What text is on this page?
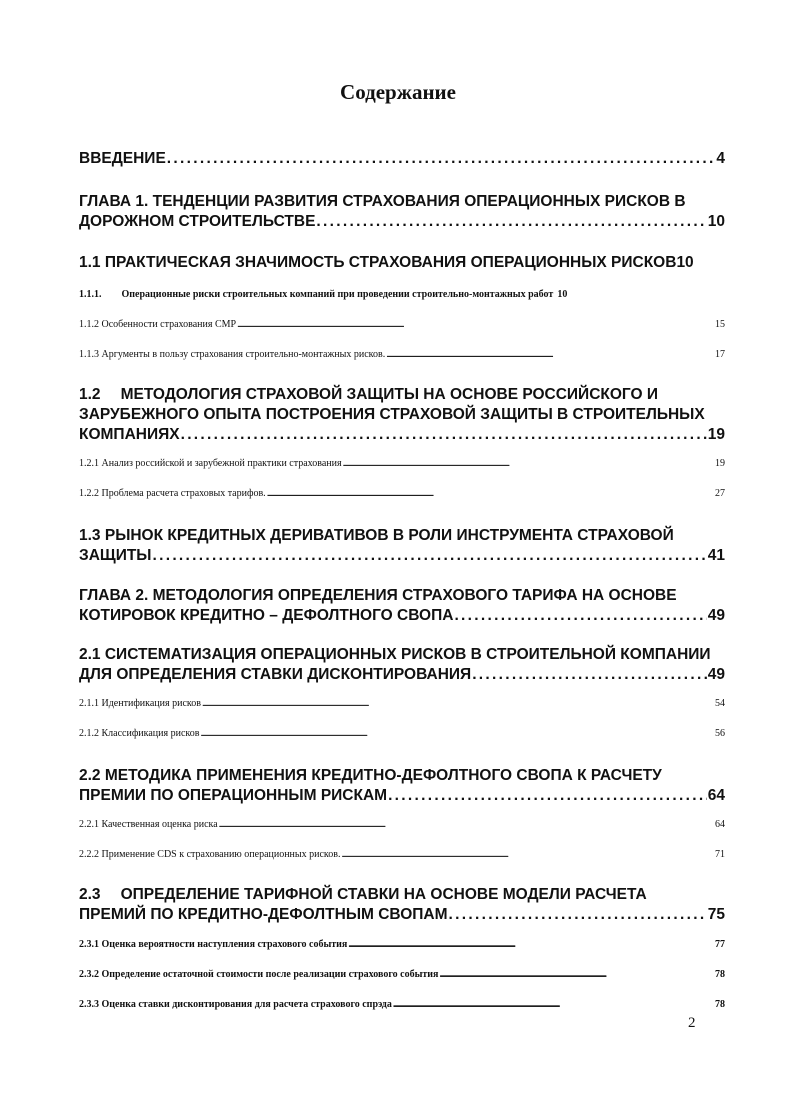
Содержание
ВВЕДЕНИЕ . . .	4
ГЛАВА 1. ТЕНДЕНЦИИ РАЗВИТИЯ СТРАХОВАНИЯ ОПЕРАЦИОННЫХ РИСКОВ В
ДОРОЖНОМ СТРОИТЕЛЬСТВЕ . . .	10
1.1 ПРАКТИЧЕСКАЯ ЗНАЧИМОСТЬ СТРАХОВАНИЯ ОПЕРАЦИОННЫХ РИСКОВ 10
1.1.1. Операционные риски строительных компаний при проведении строительно-монтажных работ 10
1.1.2 Особенности страхования СМР . . .	15
1.1.3 Аргументы в пользу страхования строительно-монтажных рисков. . . .	17
1.2 МЕТОДОЛОГИЯ СТРАХОВОЙ ЗАЩИТЫ НА ОСНОВЕ РОССИЙСКОГО И
ЗАРУБЕЖНОГО ОПЫТА ПОСТРОЕНИЯ СТРАХОВОЙ ЗАЩИТЫ В СТРОИТЕЛЬНЫХ
КОМПАНИЯХ . . .	19
1.2.1 Анализ российской и зарубежной практики страхования . . .	19
1.2.2 Проблема расчета страховых тарифов. . . .	27
1.3 РЫНОК КРЕДИТНЫХ ДЕРИВАТИВОВ В РОЛИ ИНСТРУМЕНТА СТРАХОВОЙ
ЗАЩИТЫ . . .	41
ГЛАВА 2. МЕТОДОЛОГИЯ ОПРЕДЕЛЕНИЯ СТРАХОВОГО ТАРИФА НА ОСНОВЕ
КОТИРОВОК КРЕДИТНО – ДЕФОЛТНОГО СВОПА . . .	49
2.1 СИСТЕМАТИЗАЦИЯ ОПЕРАЦИОННЫХ РИСКОВ В СТРОИТЕЛЬНОЙ КОМПАНИИ
ДЛЯ ОПРЕДЕЛЕНИЯ СТАВКИ ДИСКОНТИРОВАНИЯ . . .	49
2.1.1 Идентификация рисков . . .	54
2.1.2 Классификация рисков . . .	56
2.2 МЕТОДИКА ПРИМЕНЕНИЯ КРЕДИТНО-ДЕФОЛТНОГО СВОПА К РАСЧЕТУ
ПРЕМИИ ПО ОПЕРАЦИОННЫМ РИСКАМ . . .	64
2.2.1 Качественная оценка риска . . .	64
2.2.2 Применение CDS к страхованию операционных рисков. . . .	71
2.3 ОПРЕДЕЛЕНИЕ ТАРИФНОЙ СТАВКИ НА ОСНОВЕ МОДЕЛИ РАСЧЕТА
ПРЕМИЙ ПО КРЕДИТНО-ДЕФОЛТНЫМ СВОПАМ . . .	75
2.3.1 Оценка вероятности наступления страхового события . . .	77
2.3.2 Определение остаточной стоимости после реализации страхового события . . .	78
2.3.3 Оценка ставки дисконтирования для расчета страхового спрэда . . .	78
2
